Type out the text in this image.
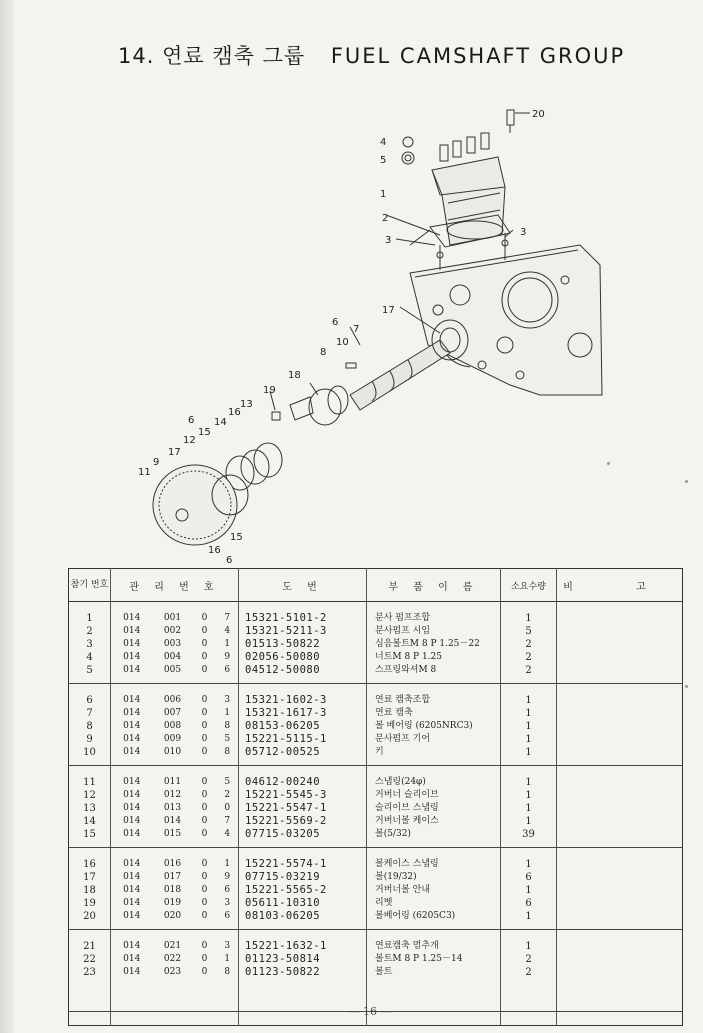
14. 연료 캠축 그룹 FUEL CAMSHAFT GROUP
20
4
5
1
2
3
3
17
6
7
8
10
18
19
13
16
6 14
15
12
17
9
11
15
16
6
참기 번호	관 리 번 호				도 번	부 품 이 름	소요수량	비 고

1	014	001	0	7	15321-5101-2	분사 펌프조합	1	
2	014	002	0	4	15321-5211-3	분사펌프 시임	5	
3	014	003	0	1	01513-50822	심음볼트M 8 P 1.25－22	2	
4	014	004	0	9	02056-50080	너트M 8 P 1.25	2	
5	014	005	0	6	04512-50080	스프링와셔M 8	2	

6	014	006	0	3	15321-1602-3	연료 캠축조합	1	
7	014	007	0	1	15321-1617-3	연료 캠축	1	
8	014	008	0	8	08153-06205	볼 베어링 (6205NRC3)	1	
9	014	009	0	5	15221-5115-1	분사펌프 기어	1	
10	014	010	0	8	05712-00525	키	1	

11	014	011	0	5	04612-00240	스냅링(24φ)	1	
12	014	012	0	2	15221-5545-3	거버너 슬리이브	1	
13	014	013	0	0	15221-5547-1	슬리이브 스냅링	1	
14	014	014	0	7	15221-5569-2	거버너볼 케이스	1	
15	014	015	0	4	07715-03205	볼(5/32)	39	

16	014	016	0	1	15221-5574-1	볼케이스 스냅링	1	
17	014	017	0	9	07715-03219	볼(19/32)	6	
18	014	018	0	6	15221-5565-2	거버너볼 안내	1	
19	014	019	0	3	05611-10310	리벳	6	
20	014	020	0	6	08103-06205	볼베어링 (6205C3)	1	

21	014	021	0	3	15221-1632-1	연료캠축 멈추개	1	
22	014	022	0	1	01123-50814	볼트M 8 P 1.25－14	2	
23	014	023	0	8	01123-50822	볼트	2	

— 16 —
